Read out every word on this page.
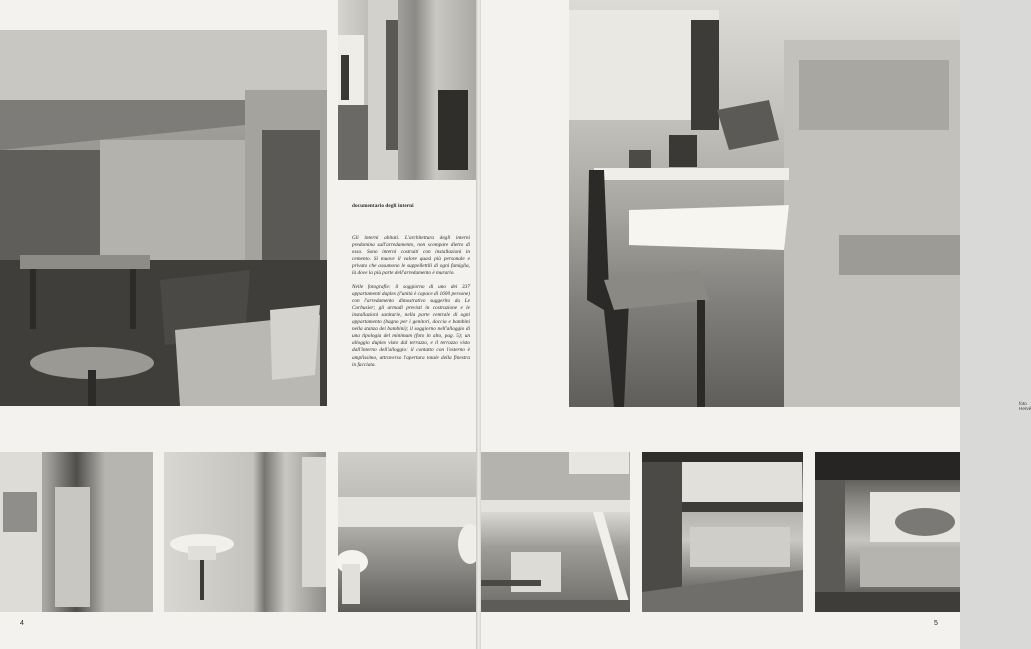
documentario degli interni

Gli interni abitati. L'architettura degli interni predomina sull'arredamento, non scompare dietro di esso. Sono interni costruiti con installazioni in cemento. Si muove il valore quasi più personale e privato che assumono le suppellettili di ogni famiglia, là dove la più parte dell'arredamento è murario.

Nelle fotografie: il soggiorno di uno dei 337 appartamenti duplex (l'unità è capace di 1600 persone) con l'arredamento dimostrativo suggerito da Le Corbusier; gli armadi previsti in costruzione e le installazioni sanitarie, nella parte centrale di ogni appartamento (bagno per i genitori, doccia e bambini nella stanza dei bambini); il soggiorno nell'alloggio di una tipologia del minimum (foto in alto, pag. 5); un alloggio duplex visto dal terrazzo, e il terrazzo visto dall'interno dell'alloggio: il contatto con l'esterno è amplissimo, attraverso l'apertura totale della finestra in facciata.

foto Hervé
4	5
